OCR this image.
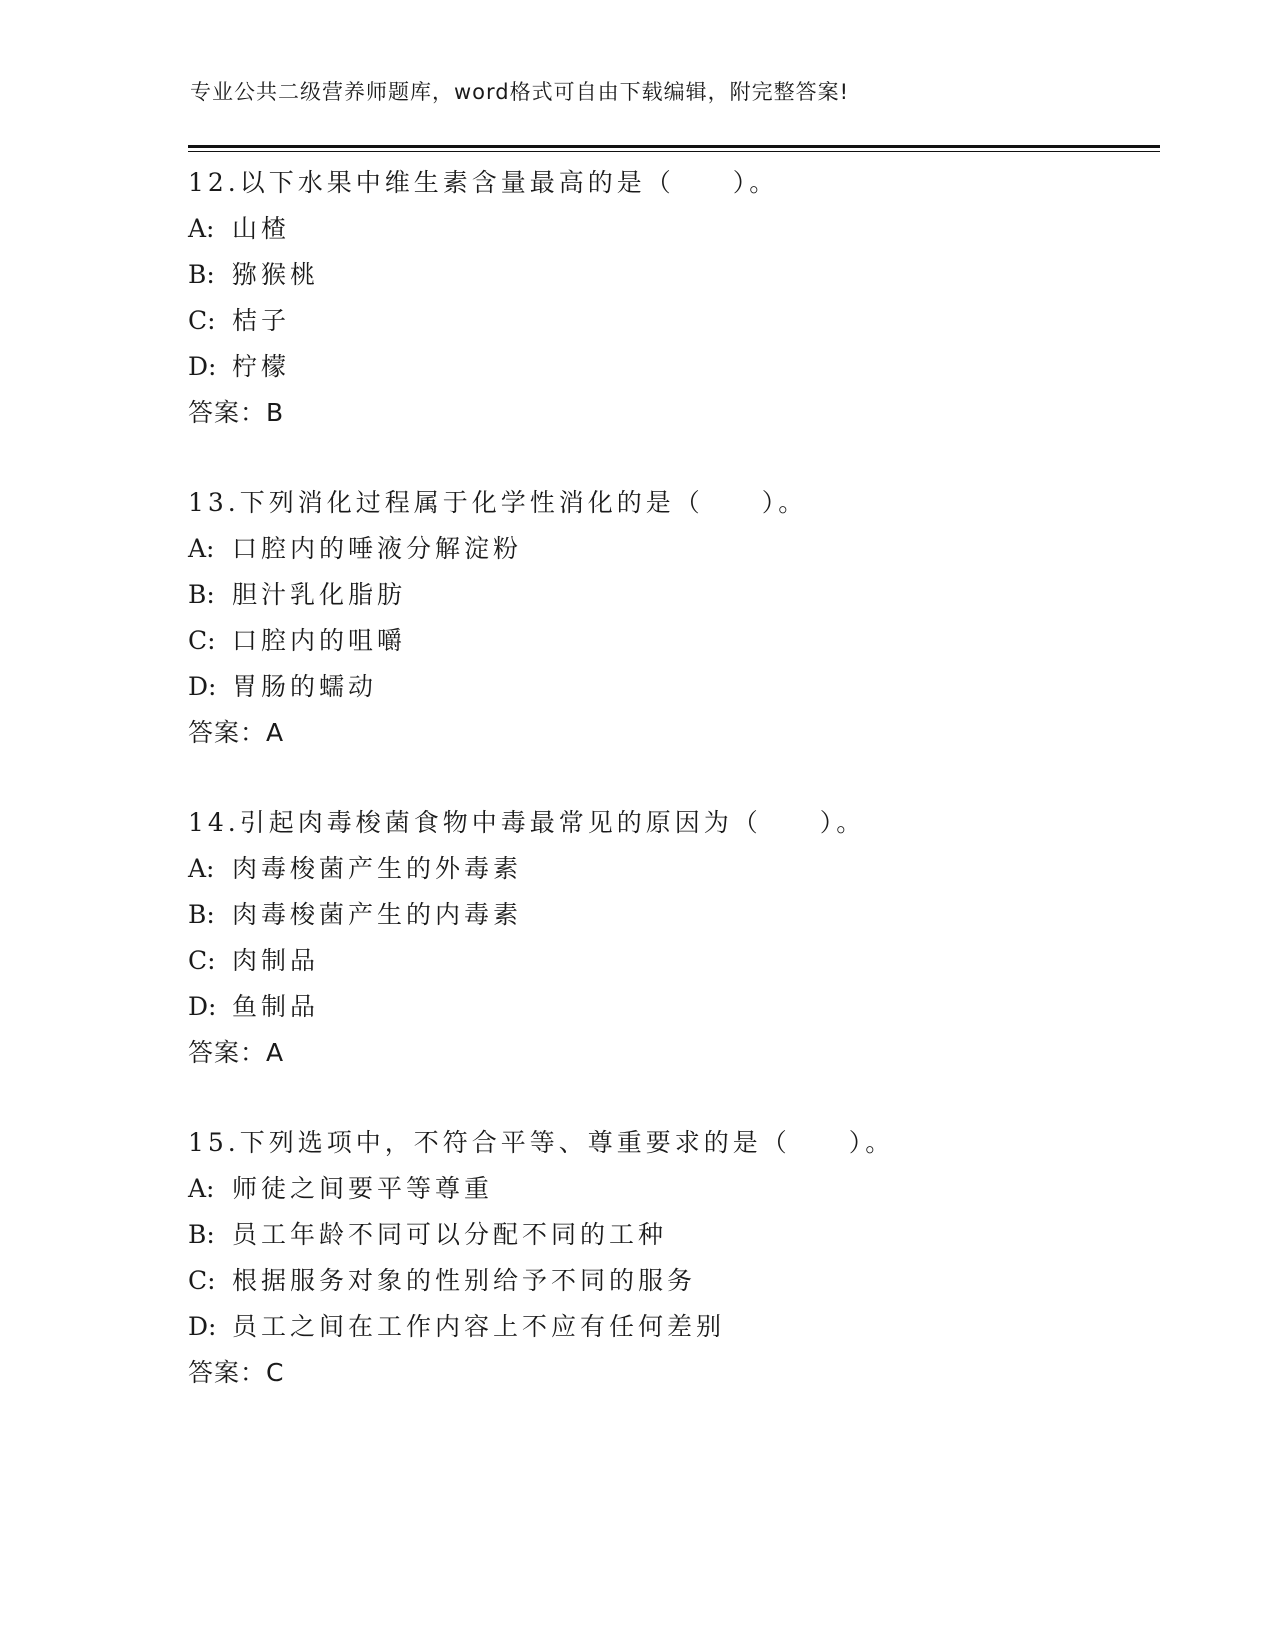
专业公共二级营养师题库，word格式可自由下载编辑，附完整答案!
12.以下水果中维生素含量最高的是（　　）。
A: 山楂
B: 猕猴桃
C: 桔子
D: 柠檬
答案：B
13.下列消化过程属于化学性消化的是（　　）。
A: 口腔内的唾液分解淀粉
B: 胆汁乳化脂肪
C: 口腔内的咀嚼
D: 胃肠的蠕动
答案：A
14.引起肉毒梭菌食物中毒最常见的原因为（　　）。
A: 肉毒梭菌产生的外毒素
B: 肉毒梭菌产生的内毒素
C: 肉制品
D: 鱼制品
答案：A
15.下列选项中，不符合平等、尊重要求的是（　　）。
A: 师徒之间要平等尊重
B: 员工年龄不同可以分配不同的工种
C: 根据服务对象的性别给予不同的服务
D: 员工之间在工作内容上不应有任何差别
答案：C
